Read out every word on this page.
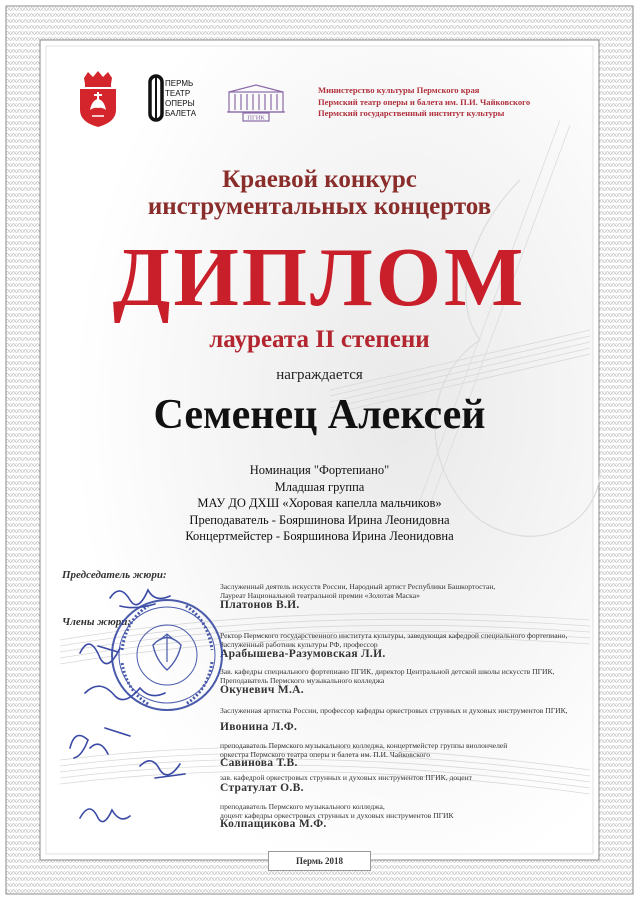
ПЕРМЬ
ТЕАТР
ОПЕРЫ
БАЛЕТА	ПГИК
Министерство культуры Пермского края
Пермский театр оперы и балета им. П.И. Чайковского
Пермский государственный институт культуры
Краевой конкурс
инструментальных концертов
ДИПЛОМ
лауреата II степени
награждается
Семенец Алексей
Номинация "Фортепиано"
Младшая группа
МАУ ДО ДХШ «Хоровая капелла мальчиков»
Преподаватель - Бояршинова Ирина Леонидовна
Концертмейстер - Бояршинова Ирина Леонидовна
Председатель жюри:
Заслуженный деятель искусств России, Народный артист Республики Башкортостан,
Лауреат Национальной театральной премии «Золотая Маска»
Платонов В.И.
Члены жюри:
Ректор Пермского государственного института культуры, заведующая кафедрой специального фортепиано,
Заслуженный работник культуры РФ, профессор
Арабышева-Разумовская Л.И.
Зав. кафедры специального фортепиано ПГИК, директор Центральной детской школы искусств ПГИК,
Преподаватель Пермского музыкального колледжа
Окуневич М.А.
Заслуженная артистка России, профессор кафедры оркестровых струнных и духовых инструментов ПГИК,
Ивонина Л.Ф.
преподаватель Пермского музыкального колледжа, концертмейстер группы виолончелей
оркестра Пермского театра оперы и балета им. П.И. Чайковского
Савинова Т.В.
зав. кафедрой оркестровых струнных и духовых инструментов ПГИК, доцент
Стратулат О.В.
преподаватель Пермского музыкального колледжа,
доцент кафедры оркестровых струнных и духовых инструментов ПГИК
Колпащикова М.Ф.
Пермь 2018
